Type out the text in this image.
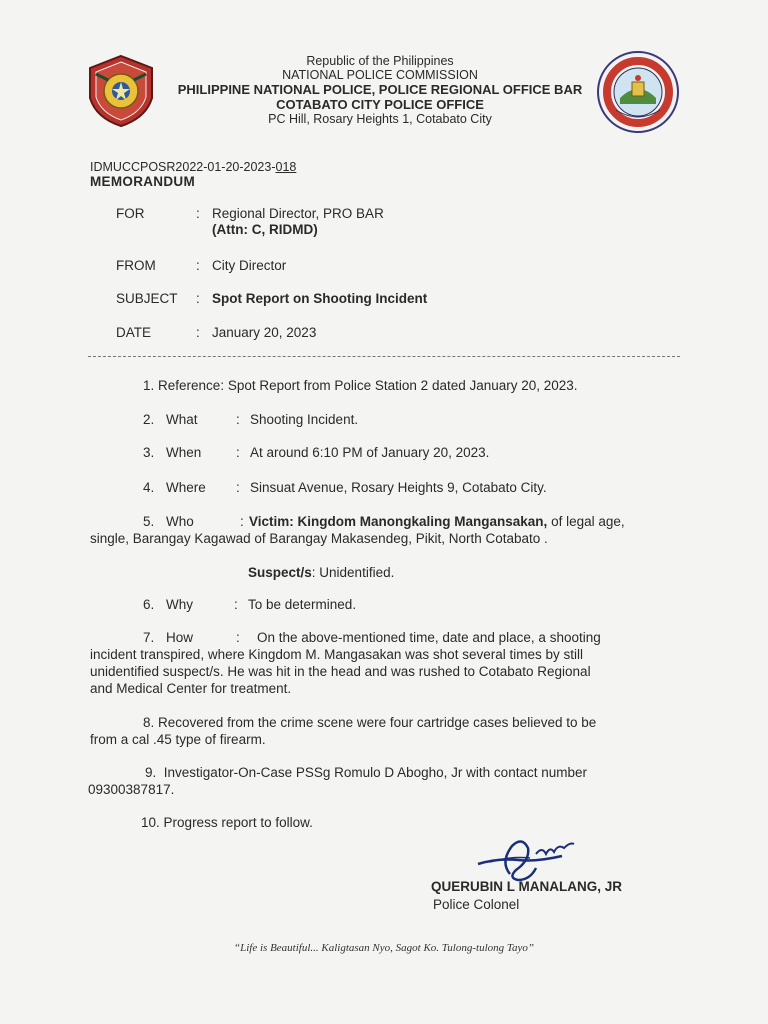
Republic of the Philippines
NATIONAL POLICE COMMISSION
PHILIPPINE NATIONAL POLICE, POLICE REGIONAL OFFICE BAR
COTABATO CITY POLICE OFFICE
PC Hill, Rosary Heights 1, Cotabato City
IDMUCCPOSR2022-01-20-2023-018
MEMORANDUM
FOR	: Regional Director, PRO BAR
(Attn: C, RIDMD)
FROM	: City Director
SUBJECT : Spot Report on Shooting Incident
DATE	: January 20, 2023
1. Reference: Spot Report from Police Station 2 dated January 20, 2023.
2. What	: Shooting Incident.
3. When	: At around 6:10 PM of January 20, 2023.
4. Where : Sinsuat Avenue, Rosary Heights 9, Cotabato City.
5. Who	: Victim: Kingdom Manongkaling Mangansakan, of legal age,
single, Barangay Kagawad of Barangay Makasendeg, Pikit, North Cotabato .
Suspect/s: Unidentified.
6. Why	: To be determined.
7. How	: On the above-mentioned time, date and place, a shooting
incident transpired, where Kingdom M. Mangasakan was shot several times by still
unidentified suspect/s. He was hit in the head and was rushed to Cotabato Regional
and Medical Center for treatment.
8. Recovered from the crime scene were four cartridge cases believed to be
from a cal .45 type of firearm.
9. Investigator-On-Case PSSg Romulo D Abogho, Jr with contact number
09300387817.
10. Progress report to follow.
QUERUBIN L MANALANG, JR
Police Colonel
“Life is Beautiful... Kaligtasan Nyo, Sagot Ko. Tulong-tulong Tayo”
